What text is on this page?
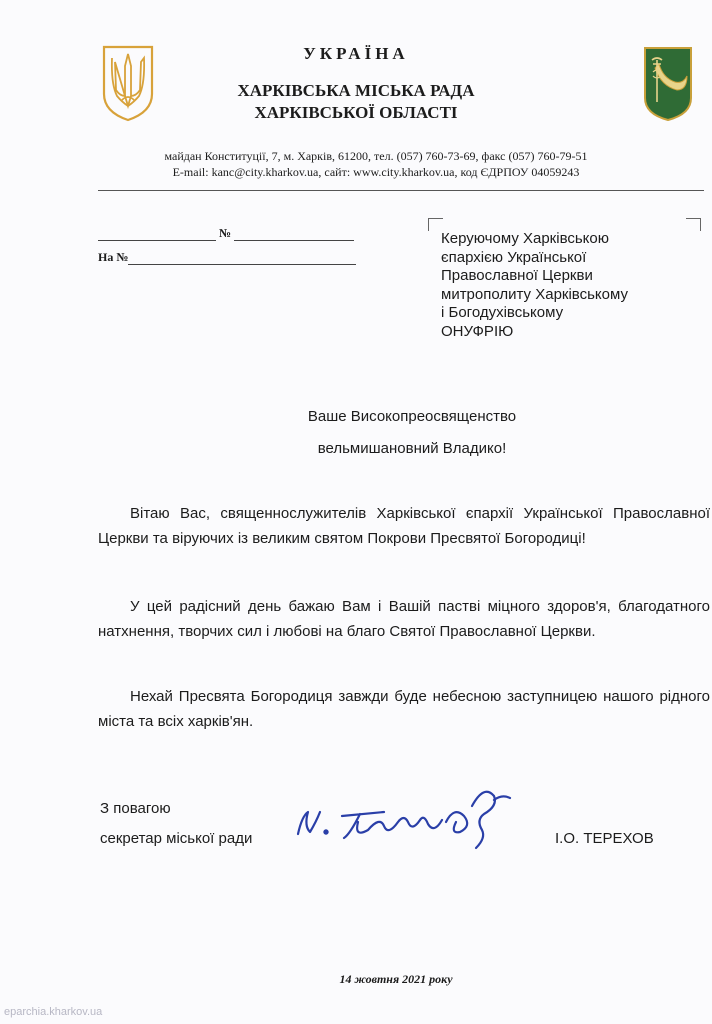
УКРАЇНА
ХАРКІВСЬКА МІСЬКА РАДА
ХАРКІВСЬКОЇ ОБЛАСТІ
майдан Конституції, 7, м. Харків, 61200, тел. (057) 760-73-69, факс (057) 760-79-51
E-mail: kanc@city.kharkov.ua, сайт: www.city.kharkov.ua, код ЄДРПОУ 04059243
№
На №
Керуючому Харківською
єпархією Української
Православної Церкви
митрополиту Харківському
і Богодухівському
ОНУФРІЮ
Ваше Високопреосвященство
вельмишановний Владико!

Вітаю Вас, священнослужителів Харківської єпархії Української Православної Церкви та віруючих із великим святом Покрови Пресвятої Богородиці!

У цей радісний день бажаю Вам і Вашій пастві міцного здоров'я, благодатного натхнення, творчих сил і любові на благо Святої Православної Церкви.

Нехай Пресвята Богородиця завжди буде небесною заступницею нашого рідного міста та всіх харків'ян.

З повагою
секретар міської ради	І.О. ТЕРЕХОВ
14 жовтня 2021 року
eparchia.kharkov.ua
